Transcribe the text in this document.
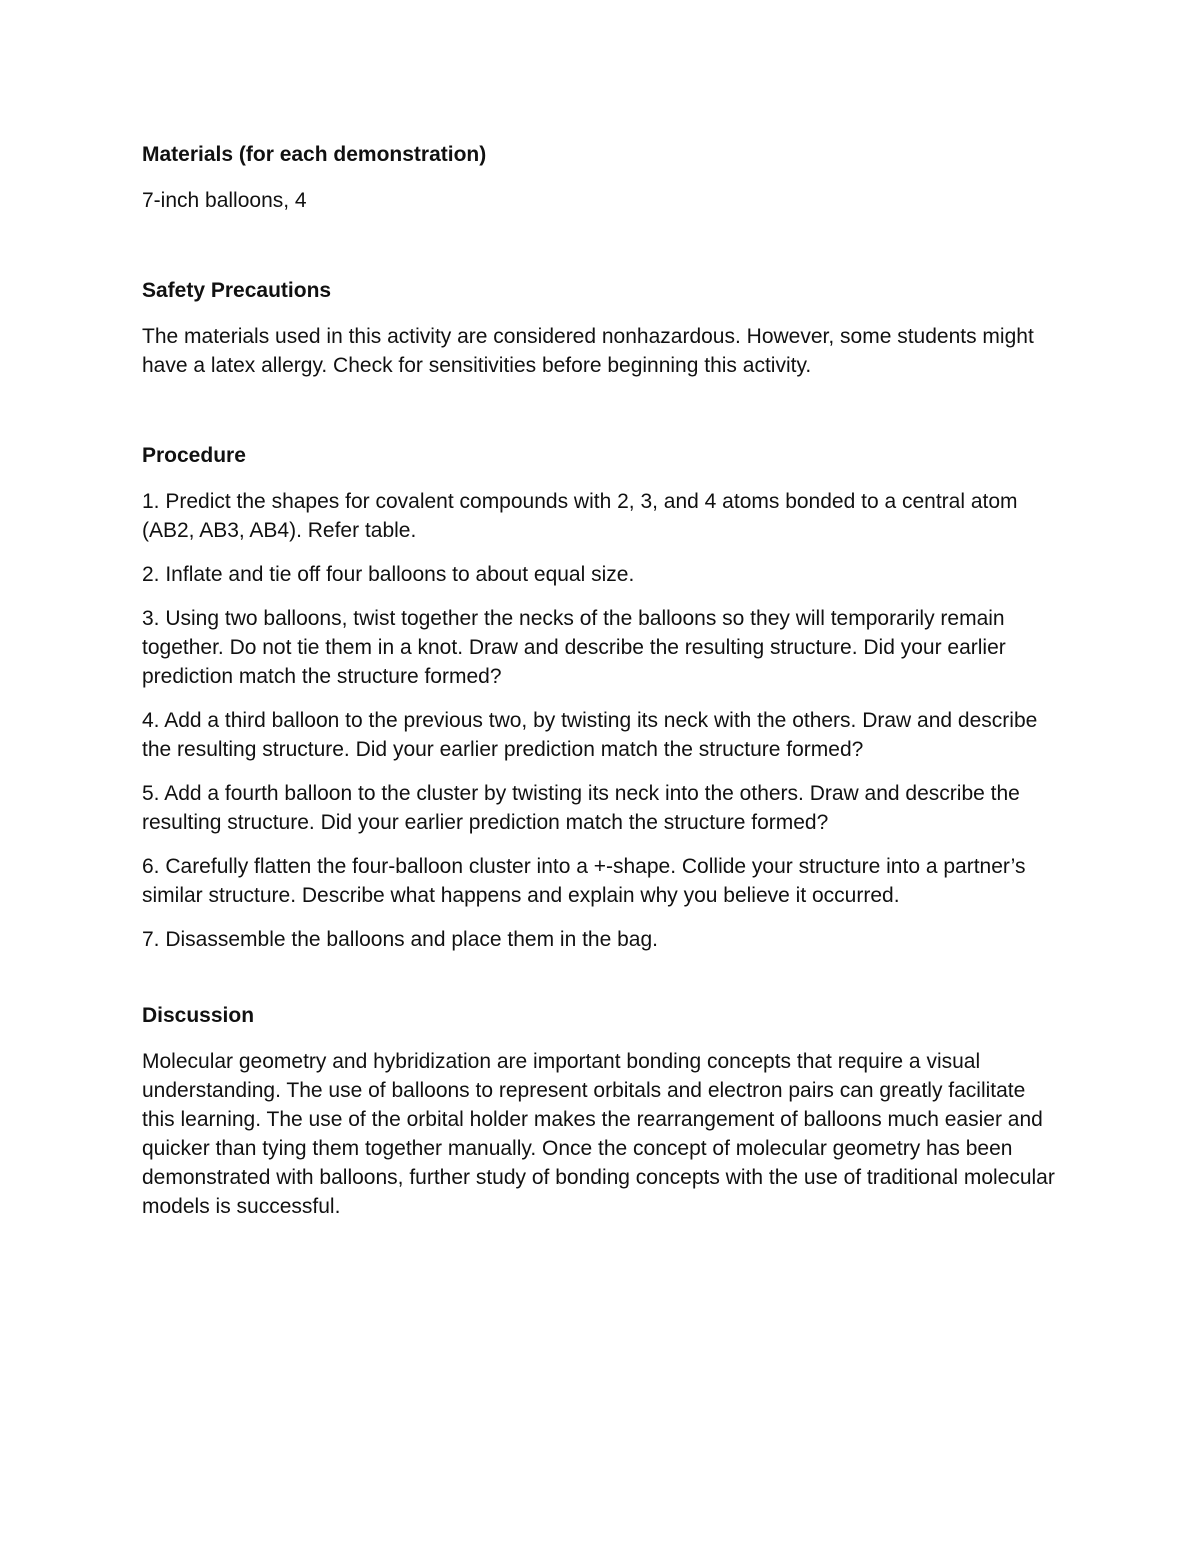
Materials (for each demonstration)

7-inch balloons, 4

Safety Precautions

The materials used in this activity are considered nonhazardous. However, some students might have a latex allergy. Check for sensitivities before beginning this activity.

Procedure

1. Predict the shapes for covalent compounds with 2, 3, and 4 atoms bonded to a central atom (AB2, AB3, AB4). Refer table.

2. Inflate and tie off four balloons to about equal size.

3. Using two balloons, twist together the necks of the balloons so they will temporarily remain together. Do not tie them in a knot. Draw and describe the resulting structure. Did your earlier prediction match the structure formed?

4. Add a third balloon to the previous two, by twisting its neck with the others. Draw and describe the resulting structure. Did your earlier prediction match the structure formed?

5. Add a fourth balloon to the cluster by twisting its neck into the others. Draw and describe the resulting structure. Did your earlier prediction match the structure formed?

6. Carefully flatten the four-balloon cluster into a +-shape. Collide your structure into a partner’s similar structure. Describe what happens and explain why you believe it occurred.

7. Disassemble the balloons and place them in the bag.

Discussion

Molecular geometry and hybridization are important bonding concepts that require a visual understanding. The use of balloons to represent orbitals and electron pairs can greatly facilitate this learning. The use of the orbital holder makes the rearrangement of balloons much easier and quicker than tying them together manually. Once the concept of molecular geometry has been demonstrated with balloons, further study of bonding concepts with the use of traditional molecular models is successful.
